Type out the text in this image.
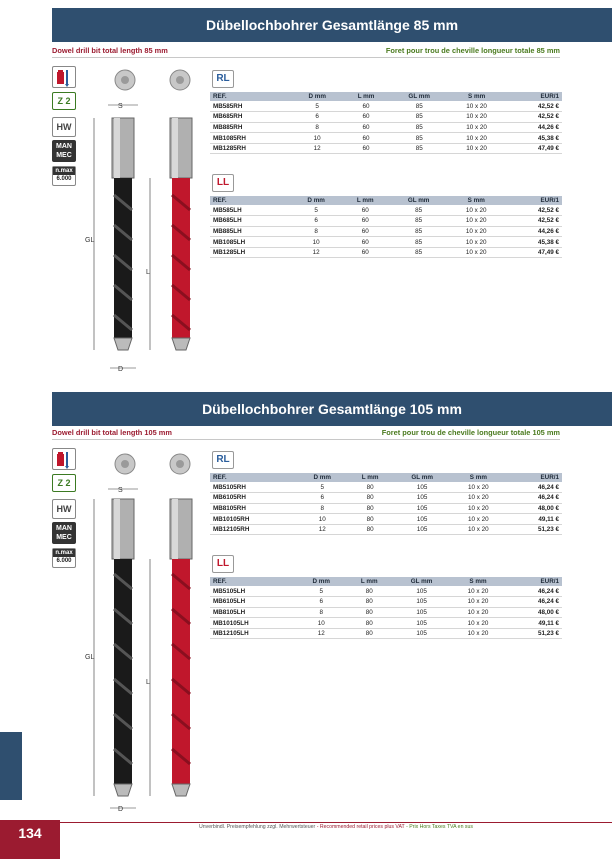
Dübellochbohrer Gesamtlänge 85 mm
Dowel drill bit total length 85 mm	Foret pour trou de cheville longueur totale 85 mm
Z 2
HW
MAN
MEC
n.max
6.000
S
GL
L
D
RL
REF.	D mm	L mm	GL mm	S mm	EUR/1
MB585RH	5	60	85	10 x 20	42,52 €
MB685RH	6	60	85	10 x 20	42,52 €
MB885RH	8	60	85	10 x 20	44,26 €
MB1085RH	10	60	85	10 x 20	45,38 €
MB1285RH	12	60	85	10 x 20	47,49 €
LL
REF.	D mm	L mm	GL mm	S mm	EUR/1
MB585LH	5	60	85	10 x 20	42,52 €
MB685LH	6	60	85	10 x 20	42,52 €
MB885LH	8	60	85	10 x 20	44,26 €
MB1085LH	10	60	85	10 x 20	45,38 €
MB1285LH	12	60	85	10 x 20	47,49 €
Dübellochbohrer Gesamtlänge 105 mm
Dowel drill bit total length 105 mm	Foret pour trou de cheville longueur totale 105 mm
Z 2
HW
MAN
MEC
n.max
6.000
S
GL
L
D
RL
REF.	D mm	L mm	GL mm	S mm	EUR/1
MB5105RH	5	80	105	10 x 20	46,24 €
MB6105RH	6	80	105	10 x 20	46,24 €
MB8105RH	8	80	105	10 x 20	48,00 €
MB10105RH	10	80	105	10 x 20	49,11 €
MB12105RH	12	80	105	10 x 20	51,23 €
LL
REF.	D mm	L mm	GL mm	S mm	EUR/1
MB5105LH	5	80	105	10 x 20	46,24 €
MB6105LH	6	80	105	10 x 20	46,24 €
MB8105LH	8	80	105	10 x 20	48,00 €
MB10105LH	10	80	105	10 x 20	49,11 €
MB12105LH	12	80	105	10 x 20	51,23 €
134	Unverbindl. Preisempfehlung zzgl. Mehrwertsteuer - Recommended retail prices plus VAT - Prix Hors Taxes TVA en sus
